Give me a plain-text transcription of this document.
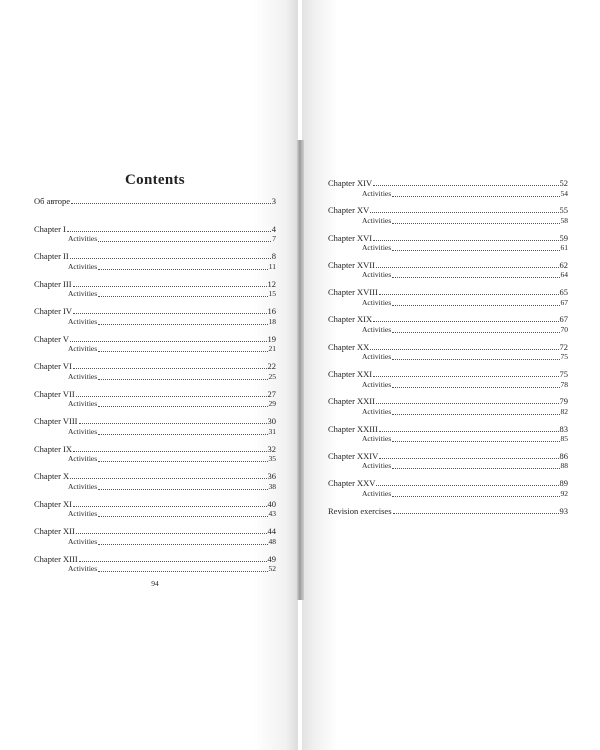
Contents
Об авторе	3
Chapter I	4
Activities	7
Chapter II	8
Activities	11
Chapter III	12
Activities	15
Chapter IV	16
Activities	18
Chapter V	19
Activities	21
Chapter VI	22
Activities	25
Chapter VII	27
Activities	29
Chapter VIII	30
Activities	31
Chapter IX	32
Activities	35
Chapter X	36
Activities	38
Chapter XI	40
Activities	43
Chapter XII	44
Activities	48
Chapter XIII	49
Activities	52
Chapter XIV	52
Activities	54
Chapter XV	55
Activities	58
Chapter XVI	59
Activities	61
Chapter XVII	62
Activities	64
Chapter XVIII	65
Activities	67
Chapter XIX	67
Activities	70
Chapter XX	72
Activities	75
Chapter XXI	75
Activities	78
Chapter XXII	79
Activities	82
Chapter XXIII	83
Activities	85
Chapter XXIV	86
Activities	88
Chapter XXV	89
Activities	92
Revision exercises	93
94
